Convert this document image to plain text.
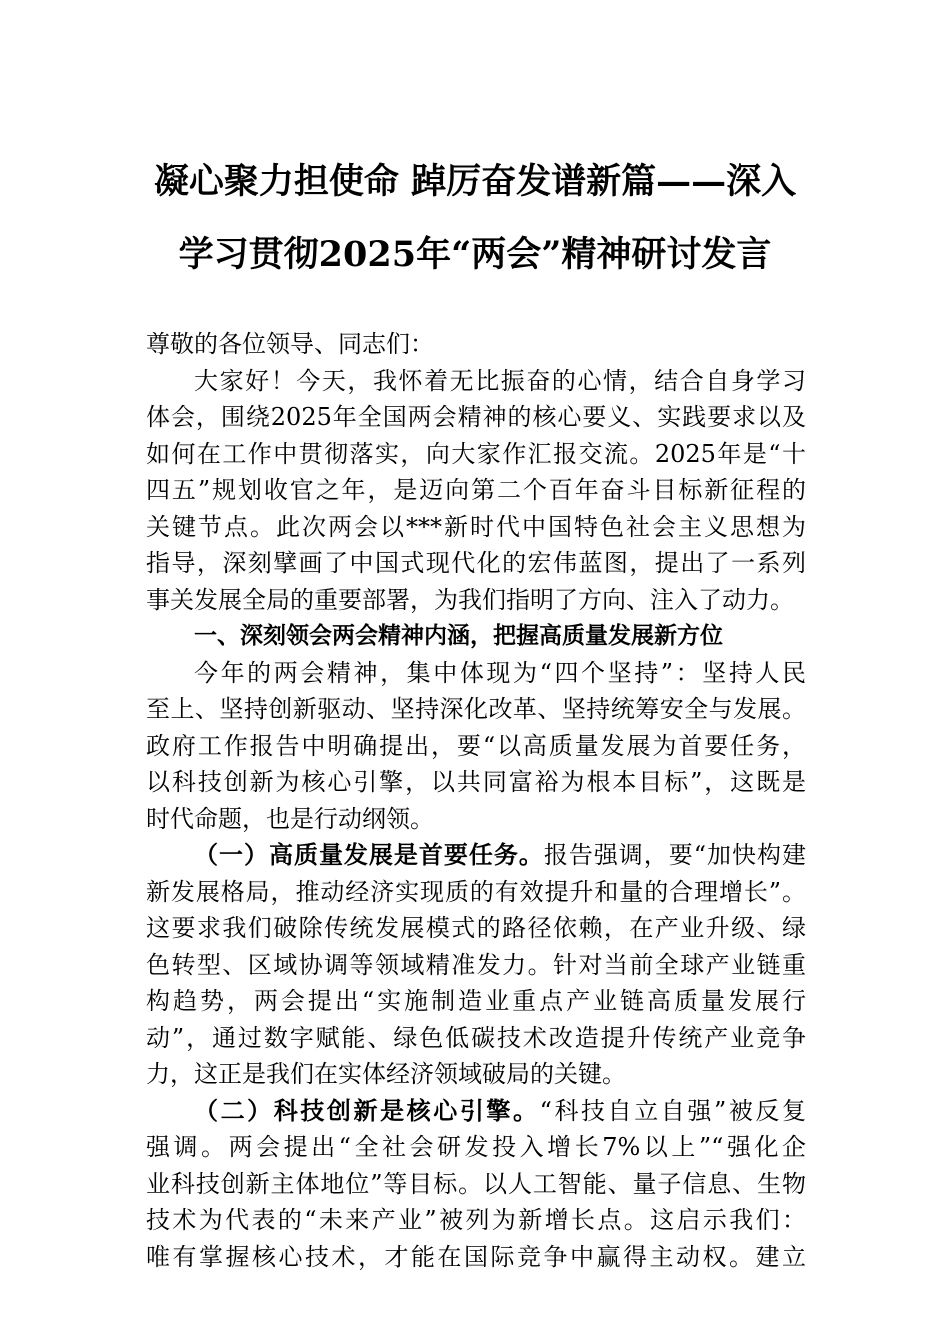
凝心聚力担使命 踔厉奋发谱新篇——深入
学习贯彻2025年“两会”精神研讨发言
尊敬的各位领导、同志们：
大家好！今天，我怀着无比振奋的心情，结合自身学习
体会，围绕2025年全国两会精神的核心要义、实践要求以及
如何在工作中贯彻落实，向大家作汇报交流。2025年是“十
四五”规划收官之年，是迈向第二个百年奋斗目标新征程的
关键节点。此次两会以***新时代中国特色社会主义思想为
指导，深刻擘画了中国式现代化的宏伟蓝图，提出了一系列
事关发展全局的重要部署，为我们指明了方向、注入了动力。
一、深刻领会两会精神内涵，把握高质量发展新方位
今年的两会精神，集中体现为“四个坚持”：坚持人民
至上、坚持创新驱动、坚持深化改革、坚持统筹安全与发展。
政府工作报告中明确提出，要“以高质量发展为首要任务，
以科技创新为核心引擎，以共同富裕为根本目标”，这既是
时代命题，也是行动纲领。
（一）高质量发展是首要任务。报告强调，要“加快构建
新发展格局，推动经济实现质的有效提升和量的合理增长”。
这要求我们破除传统发展模式的路径依赖，在产业升级、绿
色转型、区域协调等领域精准发力。针对当前全球产业链重
构趋势，两会提出“实施制造业重点产业链高质量发展行
动”，通过数字赋能、绿色低碳技术改造提升传统产业竞争
力，这正是我们在实体经济领域破局的关键。
（二）科技创新是核心引擎。“科技自立自强”被反复
强调。两会提出“全社会研发投入增长7%以上”“强化企
业科技创新主体地位”等目标。以人工智能、量子信息、生物
技术为代表的“未来产业”被列为新增长点。这启示我们：
唯有掌握核心技术，才能在国际竞争中赢得主动权。建立
